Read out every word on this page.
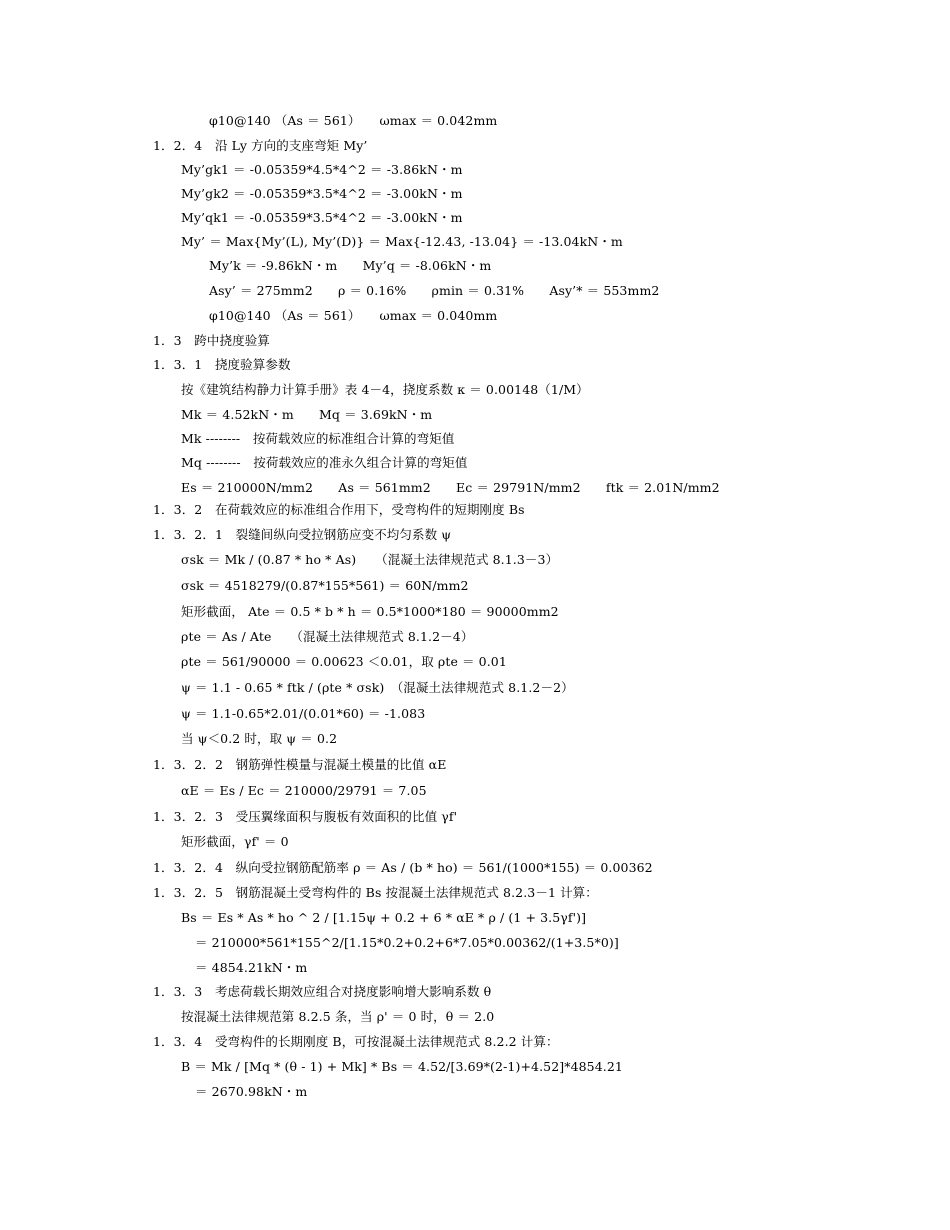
φ10@140 （As ＝ 561）　　ωmax ＝ 0.042mm
1．2．4　沿 Ly 方向的支座弯矩 My’
My’gk1 ＝ -0.05359*4.5*4^2 ＝ -3.86kN・m
My’gk2 ＝ -0.05359*3.5*4^2 ＝ -3.00kN・m
My’qk1 ＝ -0.05359*3.5*4^2 ＝ -3.00kN・m
My’ ＝ Max{My’(L), My’(D)} ＝ Max{-12.43, -13.04} ＝ -13.04kN・m
My’k ＝ -9.86kN・m　　My’q ＝ -8.06kN・m
Asy’ ＝ 275mm2　　ρ ＝ 0.16%　　ρmin ＝ 0.31%　　Asy’* ＝ 553mm2
φ10@140 （As ＝ 561）　　ωmax ＝ 0.040mm
1．3　跨中挠度验算
1．3．1　挠度验算参数
按《建筑结构静力计算手册》表 4－4，挠度系数 κ ＝ 0.00148（1/M）
Mk ＝ 4.52kN・m　　Mq ＝ 3.69kN・m
Mk --------　按荷载效应的标准组合计算的弯矩值
Mq --------　按荷载效应的准永久组合计算的弯矩值
Es ＝ 210000N/mm2　　As ＝ 561mm2　　Ec ＝ 29791N/mm2　　ftk ＝ 2.01N/mm2
1．3．2　在荷载效应的标准组合作用下，受弯构件的短期刚度 Bs
1．3．2．1　裂缝间纵向受拉钢筋应变不均匀系数 ψ
σsk ＝ Mk / (0.87 * ho * As)　　（混凝土法律规范式 8.1.3－3）
σsk ＝ 4518279/(0.87*155*561) ＝ 60N/mm2
矩形截面， Ate ＝ 0.5 * b * h ＝ 0.5*1000*180 ＝ 90000mm2
ρte ＝ As / Ate　　（混凝土法律规范式 8.1.2－4）
ρte ＝ 561/90000 ＝ 0.00623 ＜0.01，取 ρte ＝ 0.01
ψ ＝ 1.1 - 0.65 * ftk / (ρte * σsk)　（混凝土法律规范式 8.1.2－2）
ψ ＝ 1.1-0.65*2.01/(0.01*60) ＝ -1.083
当 ψ＜0.2 时，取 ψ ＝ 0.2
1．3．2．2　钢筋弹性模量与混凝土模量的比值 αE
αE ＝ Es / Ec ＝ 210000/29791 ＝ 7.05
1．3．2．3　受压翼缘面积与腹板有效面积的比值 γf'
矩形截面，γf' ＝ 0
1．3．2．4　纵向受拉钢筋配筋率 ρ ＝ As / (b * ho) ＝ 561/(1000*155) ＝ 0.00362
1．3．2．5　钢筋混凝土受弯构件的 Bs 按混凝土法律规范式 8.2.3－1 计算：
Bs ＝ Es * As * ho ^ 2 / [1.15ψ + 0.2 + 6 * αE * ρ / (1 + 3.5γf')]
＝ 210000*561*155^2/[1.15*0.2+0.2+6*7.05*0.00362/(1+3.5*0)]
＝ 4854.21kN・m
1．3．3　考虑荷载长期效应组合对挠度影响增大影响系数 θ
按混凝土法律规范第 8.2.5 条，当 ρ' ＝ 0 时，θ ＝ 2.0
1．3．4　受弯构件的长期刚度 B，可按混凝土法律规范式 8.2.2 计算：
B ＝ Mk / [Mq * (θ - 1) + Mk] * Bs ＝ 4.52/[3.69*(2-1)+4.52]*4854.21
＝ 2670.98kN・m
